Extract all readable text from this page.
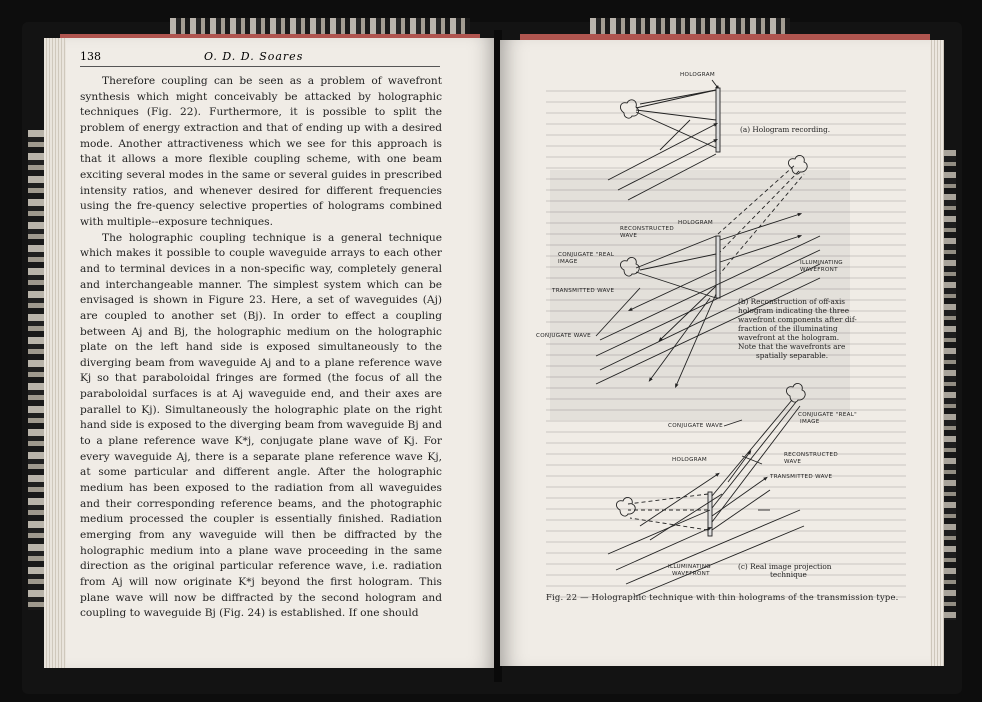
138	O. D. D. Soares

Therefore coupling can be seen as a problem of wavefront synthesis which might conceivably be attacked by holographic techniques (Fig. 22). Furthermore, it is possible to split the problem of energy extraction and that of ending up with a desired mode. Another attractiveness which we see for this approach is that it allows a more flexible coupling scheme, with one beam exciting several modes in the same or several guides in prescribed intensity ratios, and whenever desired for different frequencies using the fre-quency selective properties of holograms combined with multiple--exposure techniques.

The holographic coupling technique is a general technique which makes it possible to couple waveguide arrays to each other and to terminal devices in a non-specific way, completely general and interchangeable manner. The simplest system which can be envisaged is shown in Figure 23. Here, a set of waveguides (Aj) are coupled to another set (Bj). In order to effect a coupling between Aj and Bj, the holographic medium on the holographic plate on the left hand side is exposed simultaneously to the diverging beam from waveguide Aj and to a plane reference wave Kj so that paraboloidal fringes are formed (the focus of all the paraboloidal surfaces is at Aj waveguide end, and their axes are parallel to Kj). Simultaneously the holographic plate on the right hand side is exposed to the diverging beam from waveguide Bj and to a plane reference wave K*j, conjugate plane wave of Kj. For every waveguide Aj, there is a separate plane reference wave Kj, at some particular and different angle. After the holographic medium has been exposed to the radiation from all waveguides and their corresponding reference beams, and the photographic medium processed the coupler is essentially finished. Radiation emerging from any waveguide will then be diffracted by the holographic medium into a plane wave proceeding in the same direction as the original particular reference wave, i.e. radiation from Aj will now originate K*j beyond the first hologram. This plane wave will now be diffracted by the second hologram and coupling to waveguide Bj (Fig. 24) is established. If one should

HOLOGRAM
(a) Hologram recording.
HOLOGRAM
RECONSTRUCTED
WAVE
CONJUGATE "REAL
IMAGE
TRANSMITTED WAVE
CONJUGATE WAVE
ILLUMINATING
WAVEFRONT
(b) Reconstruction of off-axis
hologram indicating the three
wavefront components after dif-
fraction of the illuminating
wavefront at the hologram.
Note that the wavefronts are
spatially separable.
CONJUGATE "REAL"
IMAGE
CONJUGATE WAVE
HOLOGRAM
RECONSTRUCTED
WAVE
TRANSMITTED WAVE
ILLUMINATING
WAVEFRONT
(c) Real image projection
technique
Fig. 22 — Holographic technique with thin holograms of the transmission type.
